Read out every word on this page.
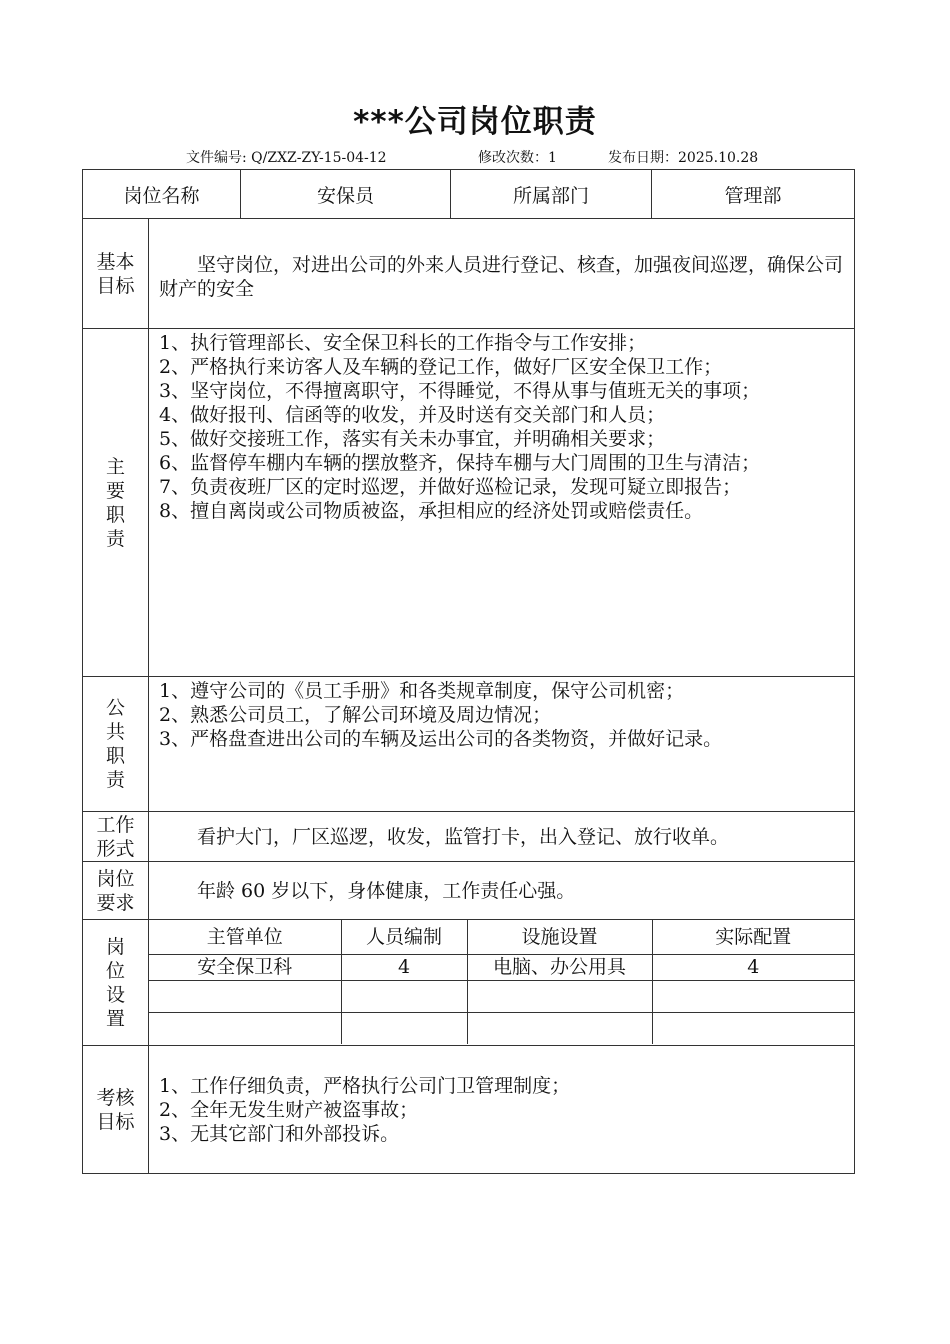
***公司岗位职责
文件编号: Q/ZXZ-ZY-15-04-12	修改次数：1	发布日期：2025.10.28
岗位名称	安保员	所属部门	管理部

基本
目标

坚守岗位，对进出公司的外来人员进行登记、核查，加强夜间巡逻，确保公司财产的安全

主
要
职
责

1、执行管理部长、安全保卫科长的工作指令与工作安排；
2、严格执行来访客人及车辆的登记工作，做好厂区安全保卫工作；
3、坚守岗位，不得擅离职守，不得睡觉，不得从事与值班无关的事项；
4、做好报刊、信函等的收发，并及时送有交关部门和人员；
5、做好交接班工作，落实有关未办事宜，并明确相关要求；
6、监督停车棚内车辆的摆放整齐，保持车棚与大门周围的卫生与清洁；
7、负责夜班厂区的定时巡逻，并做好巡检记录，发现可疑立即报告；
8、擅自离岗或公司物质被盗，承担相应的经济处罚或赔偿责任。

公
共
职
责

1、遵守公司的《员工手册》和各类规章制度，保守公司机密；
2、熟悉公司员工，了解公司环境及周边情况；
3、严格盘查进出公司的车辆及运出公司的各类物资，并做好记录。

工作
形式

看护大门，厂区巡逻，收发，监管打卡，出入登记、放行收单。

岗位
要求

年龄 60 岁以下，身体健康，工作责任心强。

岗
位
设
置

主管单位	人员编制	设施设置	实际配置
安全保卫科	4	电脑、办公用具	4

考核
目标

1、工作仔细负责，严格执行公司门卫管理制度；
2、全年无发生财产被盗事故；
3、无其它部门和外部投诉。
